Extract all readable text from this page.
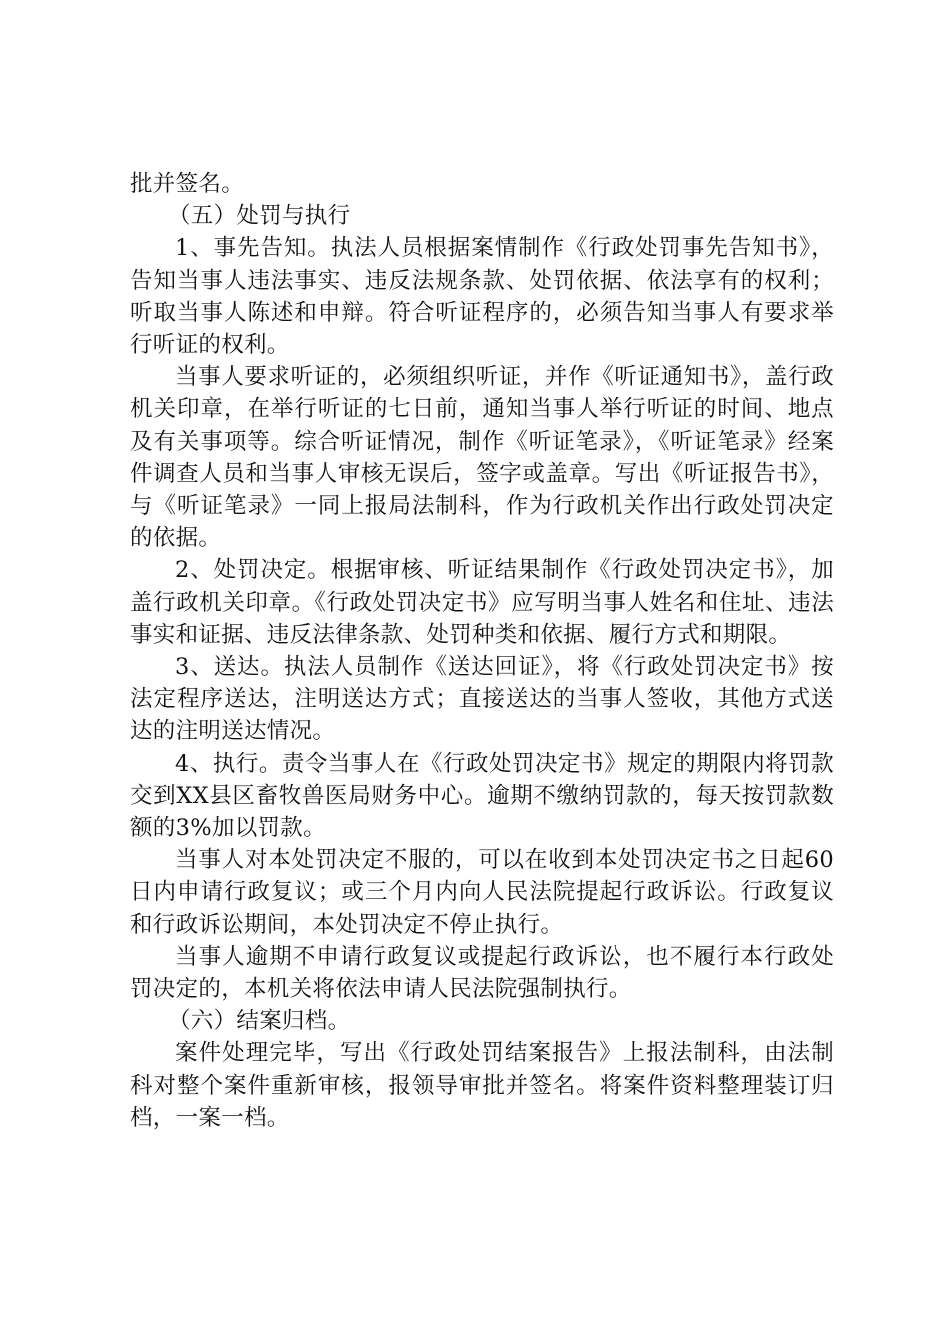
批并签名。

（五）处罚与执行

1、事先告知。执法人员根据案情制作《行政处罚事先告知书》，告知当事人违法事实、违反法规条款、处罚依据、依法享有的权利；听取当事人陈述和申辩。符合听证程序的，必须告知当事人有要求举行听证的权利。

当事人要求听证的，必须组织听证，并作《听证通知书》，盖行政机关印章，在举行听证的七日前，通知当事人举行听证的时间、地点及有关事项等。综合听证情况，制作《听证笔录》，《听证笔录》经案件调查人员和当事人审核无误后，签字或盖章。写出《听证报告书》，与《听证笔录》一同上报局法制科，作为行政机关作出行政处罚决定的依据。

2、处罚决定。根据审核、听证结果制作《行政处罚决定书》，加盖行政机关印章。《行政处罚决定书》应写明当事人姓名和住址、违法事实和证据、违反法律条款、处罚种类和依据、履行方式和期限。

3、送达。执法人员制作《送达回证》，将《行政处罚决定书》按法定程序送达，注明送达方式；直接送达的当事人签收，其他方式送达的注明送达情况。

4、执行。责令当事人在《行政处罚决定书》规定的期限内将罚款交到XX县区畜牧兽医局财务中心。逾期不缴纳罚款的，每天按罚款数额的3%加以罚款。

当事人对本处罚决定不服的，可以在收到本处罚决定书之日起60日内申请行政复议；或三个月内向人民法院提起行政诉讼。行政复议和行政诉讼期间，本处罚决定不停止执行。

当事人逾期不申请行政复议或提起行政诉讼，也不履行本行政处罚决定的，本机关将依法申请人民法院强制执行。

（六）结案归档。

案件处理完毕，写出《行政处罚结案报告》上报法制科，由法制科对整个案件重新审核，报领导审批并签名。将案件资料整理装订归档，一案一档。
